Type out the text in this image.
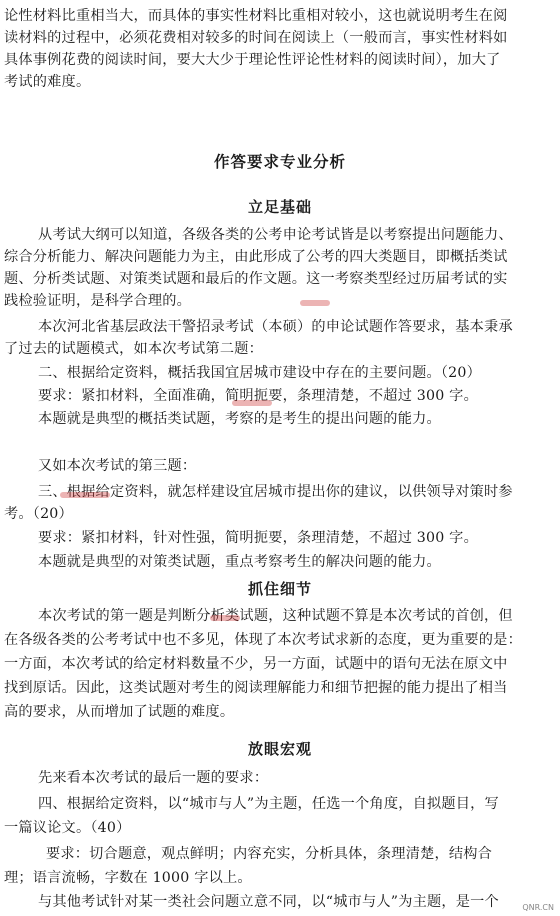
论性材料比重相当大，而具体的事实性材料比重相对较小，这也就说明考生在阅
读材料的过程中，必须花费相对较多的时间在阅读上（一般而言，事实性材料如
具体事例花费的阅读时间，要大大少于理论性评论性材料的阅读时间），加大了
考试的难度。
作答要求专业分析
立足基础
从考试大纲可以知道，各级各类的公考申论考试皆是以考察提出问题能力、
综合分析能力、解决问题能力为主，由此形成了公考的四大类题目，即概括类试
题、分析类试题、对策类试题和最后的作文题。这一考察类型经过历届考试的实
践检验证明，是科学合理的。
本次河北省基层政法干警招录考试（本硕）的申论试题作答要求，基本秉承
了过去的试题模式，如本次考试第二题：
二、根据给定资料，概括我国宜居城市建设中存在的主要问题。（20）
要求：紧扣材料，全面准确，简明扼要，条理清楚，不超过 300 字。
本题就是典型的概括类试题，考察的是考生的提出问题的能力。
又如本次考试的第三题：
三、根据给定资料，就怎样建设宜居城市提出你的建议，以供领导对策时参
考。（20）
要求：紧扣材料，针对性强，简明扼要，条理清楚，不超过 300 字。
本题就是典型的对策类试题，重点考察考生的解决问题的能力。
抓住细节
本次考试的第一题是判断分析类试题，这种试题不算是本次考试的首创，但
在各级各类的公考考试中也不多见，体现了本次考试求新的态度，更为重要的是：
一方面，本次考试的给定材料数量不少，另一方面，试题中的语句无法在原文中
找到原话。因此，这类试题对考生的阅读理解能力和细节把握的能力提出了相当
高的要求，从而增加了试题的难度。
放眼宏观
先来看本次考试的最后一题的要求：
四、根据给定资料，以“城市与人”为主题，任选一个角度，自拟题目，写
一篇议论文。（40）
要求：切合题意，观点鲜明；内容充实，分析具体，条理清楚，结构合
理；语言流畅，字数在 1000 字以上。
与其他考试针对某一类社会问题立意不同，以“城市与人”为主题，是一个	QNR.CN
